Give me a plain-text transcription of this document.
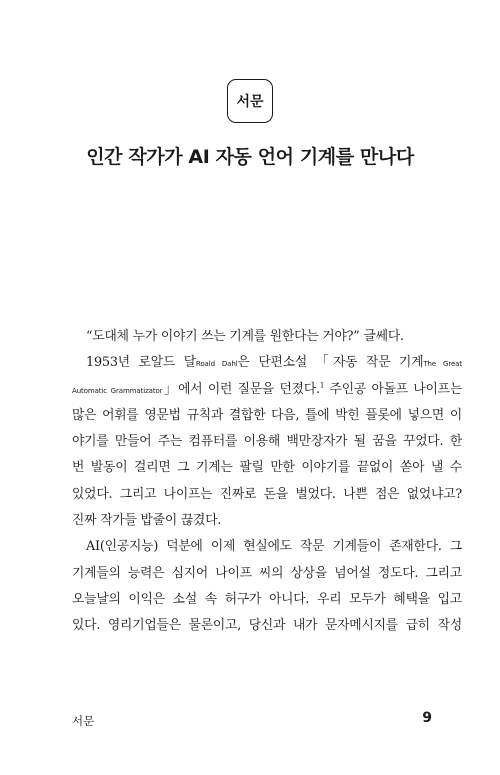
서문
인간 작가가 AI 자동 언어 기계를 만나다
“도대체 누가 이야기 쓰는 기계를 원한다는 거야?” 글쎄다.
1953년 로알드 달Roald Dahl은 단편소설 「자동 작문 기계The Great
Automatic Grammatizator」에서 이런 질문을 던졌다.$^1$ 주인공 아돌프 나이프는
많은 어휘를 영문법 규칙과 결합한 다음, 틀에 박힌 플롯에 넣으면 이
야기를 만들어 주는 컴퓨터를 이용해 백만장자가 될 꿈을 꾸었다. 한
번 발동이 걸리면 그 기계는 팔릴 만한 이야기를 끝없이 쏟아 낼 수
있었다. 그리고 나이프는 진짜로 돈을 벌었다. 나쁜 점은 없었냐고?
진짜 작가들 밥줄이 끊겼다.
AI(인공지능) 덕분에 이제 현실에도 작문 기계들이 존재한다. 그
기계들의 능력은 심지어 나이프 씨의 상상을 넘어설 정도다. 그리고
오늘날의 이익은 소설 속 허구가 아니다. 우리 모두가 혜택을 입고
있다. 영리기업들은 물론이고, 당신과 내가 문자메시지를 급히 작성
서문	9
